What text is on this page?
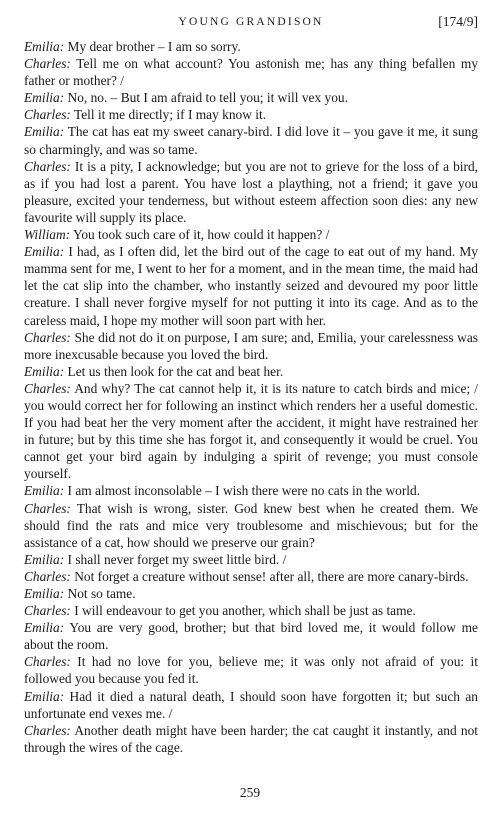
YOUNG GRANDISON	[174/9]

Emilia: My dear brother – I am so sorry.

Charles: Tell me on what account? You astonish me; has any thing befallen my father or mother? /

Emilia: No, no. – But I am afraid to tell you; it will vex you.

Charles: Tell it me directly; if I may know it.

Emilia: The cat has eat my sweet canary-bird. I did love it – you gave it me, it sung so charmingly, and was so tame.

Charles: It is a pity, I acknowledge; but you are not to grieve for the loss of a bird, as if you had lost a parent. You have lost a plaything, not a friend; it gave you pleasure, excited your tenderness, but without esteem affection soon dies: any new favourite will supply its place.

William: You took such care of it, how could it happen? /

Emilia: I had, as I often did, let the bird out of the cage to eat out of my hand. My mamma sent for me, I went to her for a moment, and in the mean time, the maid had let the cat slip into the chamber, who instantly seized and devoured my poor little creature. I shall never forgive myself for not putting it into its cage. And as to the careless maid, I hope my mother will soon part with her.

Charles: She did not do it on purpose, I am sure; and, Emilia, your carelessness was more inexcusable because you loved the bird.

Emilia: Let us then look for the cat and beat her.

Charles: And why? The cat cannot help it, it is its nature to catch birds and mice; / you would correct her for following an instinct which renders her a useful domestic. If you had beat her the very moment after the accident, it might have restrained her in future; but by this time she has forgot it, and consequently it would be cruel. You cannot get your bird again by indulging a spirit of revenge; you must console yourself.

Emilia: I am almost inconsolable – I wish there were no cats in the world.

Charles: That wish is wrong, sister. God knew best when he created them. We should find the rats and mice very troublesome and mischievous; but for the assistance of a cat, how should we preserve our grain?

Emilia: I shall never forget my sweet little bird. /

Charles: Not forget a creature without sense! after all, there are more canary-birds.

Emilia: Not so tame.

Charles: I will endeavour to get you another, which shall be just as tame.

Emilia: You are very good, brother; but that bird loved me, it would follow me about the room.

Charles: It had no love for you, believe me; it was only not afraid of you: it followed you because you fed it.

Emilia: Had it died a natural death, I should soon have forgotten it; but such an unfortunate end vexes me. /

Charles: Another death might have been harder; the cat caught it instantly, and not through the wires of the cage.

259
